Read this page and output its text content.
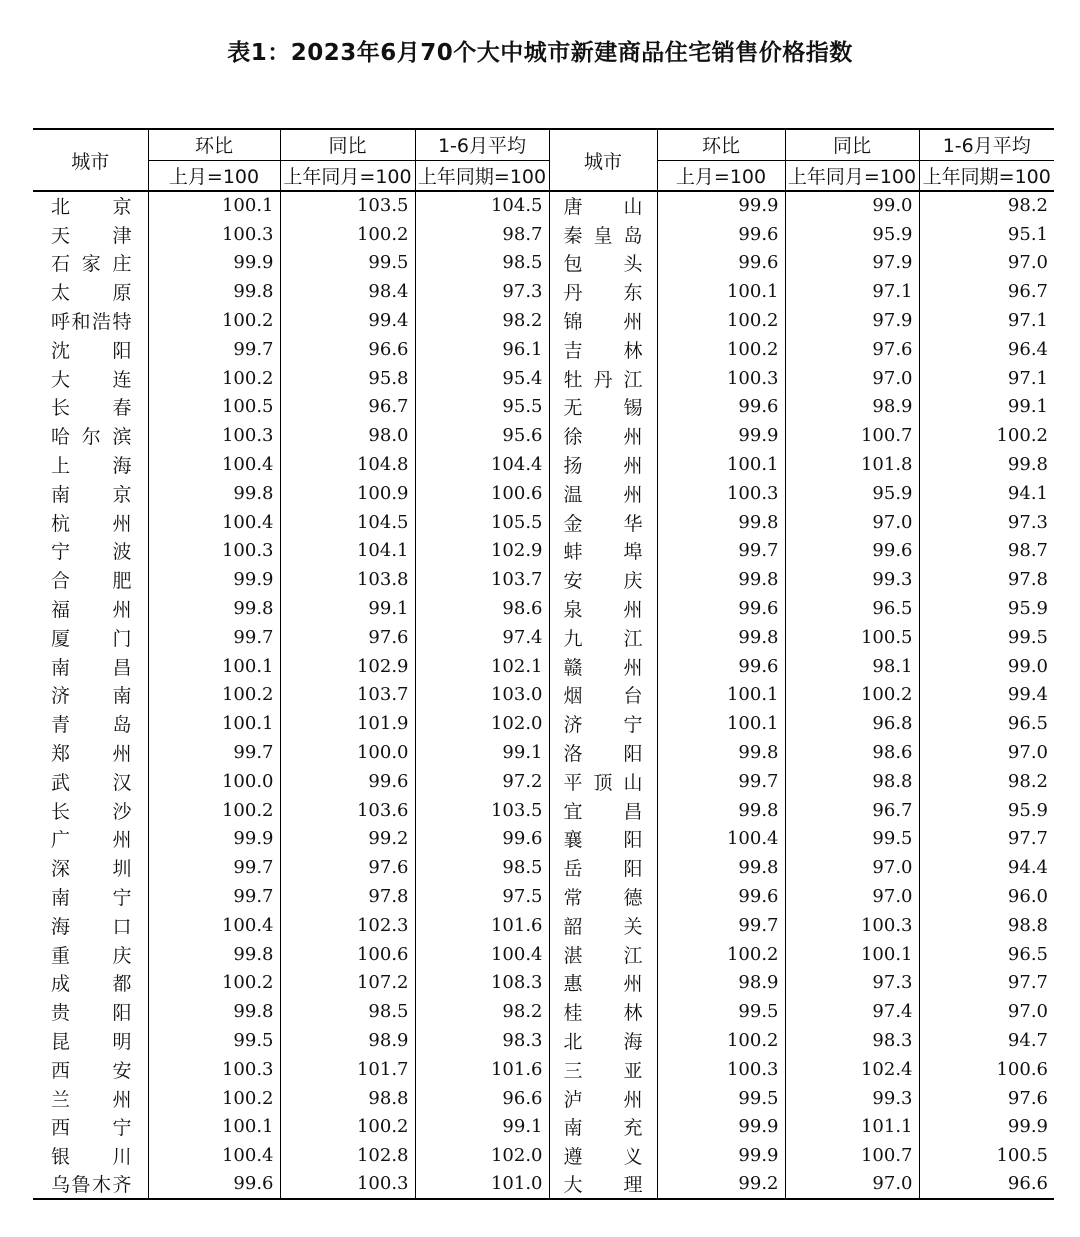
表1：2023年6月70个大中城市新建商品住宅销售价格指数
城市	环比	同比	1-6月平均	城市	环比	同比	1-6月平均
	上月=100	上年同月=100	上年同期=100		上月=100	上年同月=100	上年同期=100
北京	100.1	103.5	104.5	唐山	99.9	99.0	98.2
天津	100.3	100.2	98.7	秦皇岛	99.6	95.9	95.1
石家庄	99.9	99.5	98.5	包头	99.6	97.9	97.0
太原	99.8	98.4	97.3	丹东	100.1	97.1	96.7
呼和浩特	100.2	99.4	98.2	锦州	100.2	97.9	97.1
沈阳	99.7	96.6	96.1	吉林	100.2	97.6	96.4
大连	100.2	95.8	95.4	牡丹江	100.3	97.0	97.1
长春	100.5	96.7	95.5	无锡	99.6	98.9	99.1
哈尔滨	100.3	98.0	95.6	徐州	99.9	100.7	100.2
上海	100.4	104.8	104.4	扬州	100.1	101.8	99.8
南京	99.8	100.9	100.6	温州	100.3	95.9	94.1
杭州	100.4	104.5	105.5	金华	99.8	97.0	97.3
宁波	100.3	104.1	102.9	蚌埠	99.7	99.6	98.7
合肥	99.9	103.8	103.7	安庆	99.8	99.3	97.8
福州	99.8	99.1	98.6	泉州	99.6	96.5	95.9
厦门	99.7	97.6	97.4	九江	99.8	100.5	99.5
南昌	100.1	102.9	102.1	赣州	99.6	98.1	99.0
济南	100.2	103.7	103.0	烟台	100.1	100.2	99.4
青岛	100.1	101.9	102.0	济宁	100.1	96.8	96.5
郑州	99.7	100.0	99.1	洛阳	99.8	98.6	97.0
武汉	100.0	99.6	97.2	平顶山	99.7	98.8	98.2
长沙	100.2	103.6	103.5	宜昌	99.8	96.7	95.9
广州	99.9	99.2	99.6	襄阳	100.4	99.5	97.7
深圳	99.7	97.6	98.5	岳阳	99.8	97.0	94.4
南宁	99.7	97.8	97.5	常德	99.6	97.0	96.0
海口	100.4	102.3	101.6	韶关	99.7	100.3	98.8
重庆	99.8	100.6	100.4	湛江	100.2	100.1	96.5
成都	100.2	107.2	108.3	惠州	98.9	97.3	97.7
贵阳	99.8	98.5	98.2	桂林	99.5	97.4	97.0
昆明	99.5	98.9	98.3	北海	100.2	98.3	94.7
西安	100.3	101.7	101.6	三亚	100.3	102.4	100.6
兰州	100.2	98.8	96.6	泸州	99.5	99.3	97.6
西宁	100.1	100.2	99.1	南充	99.9	101.1	99.9
银川	100.4	102.8	102.0	遵义	99.9	100.7	100.5
乌鲁木齐	99.6	100.3	101.0	大理	99.2	97.0	96.6
